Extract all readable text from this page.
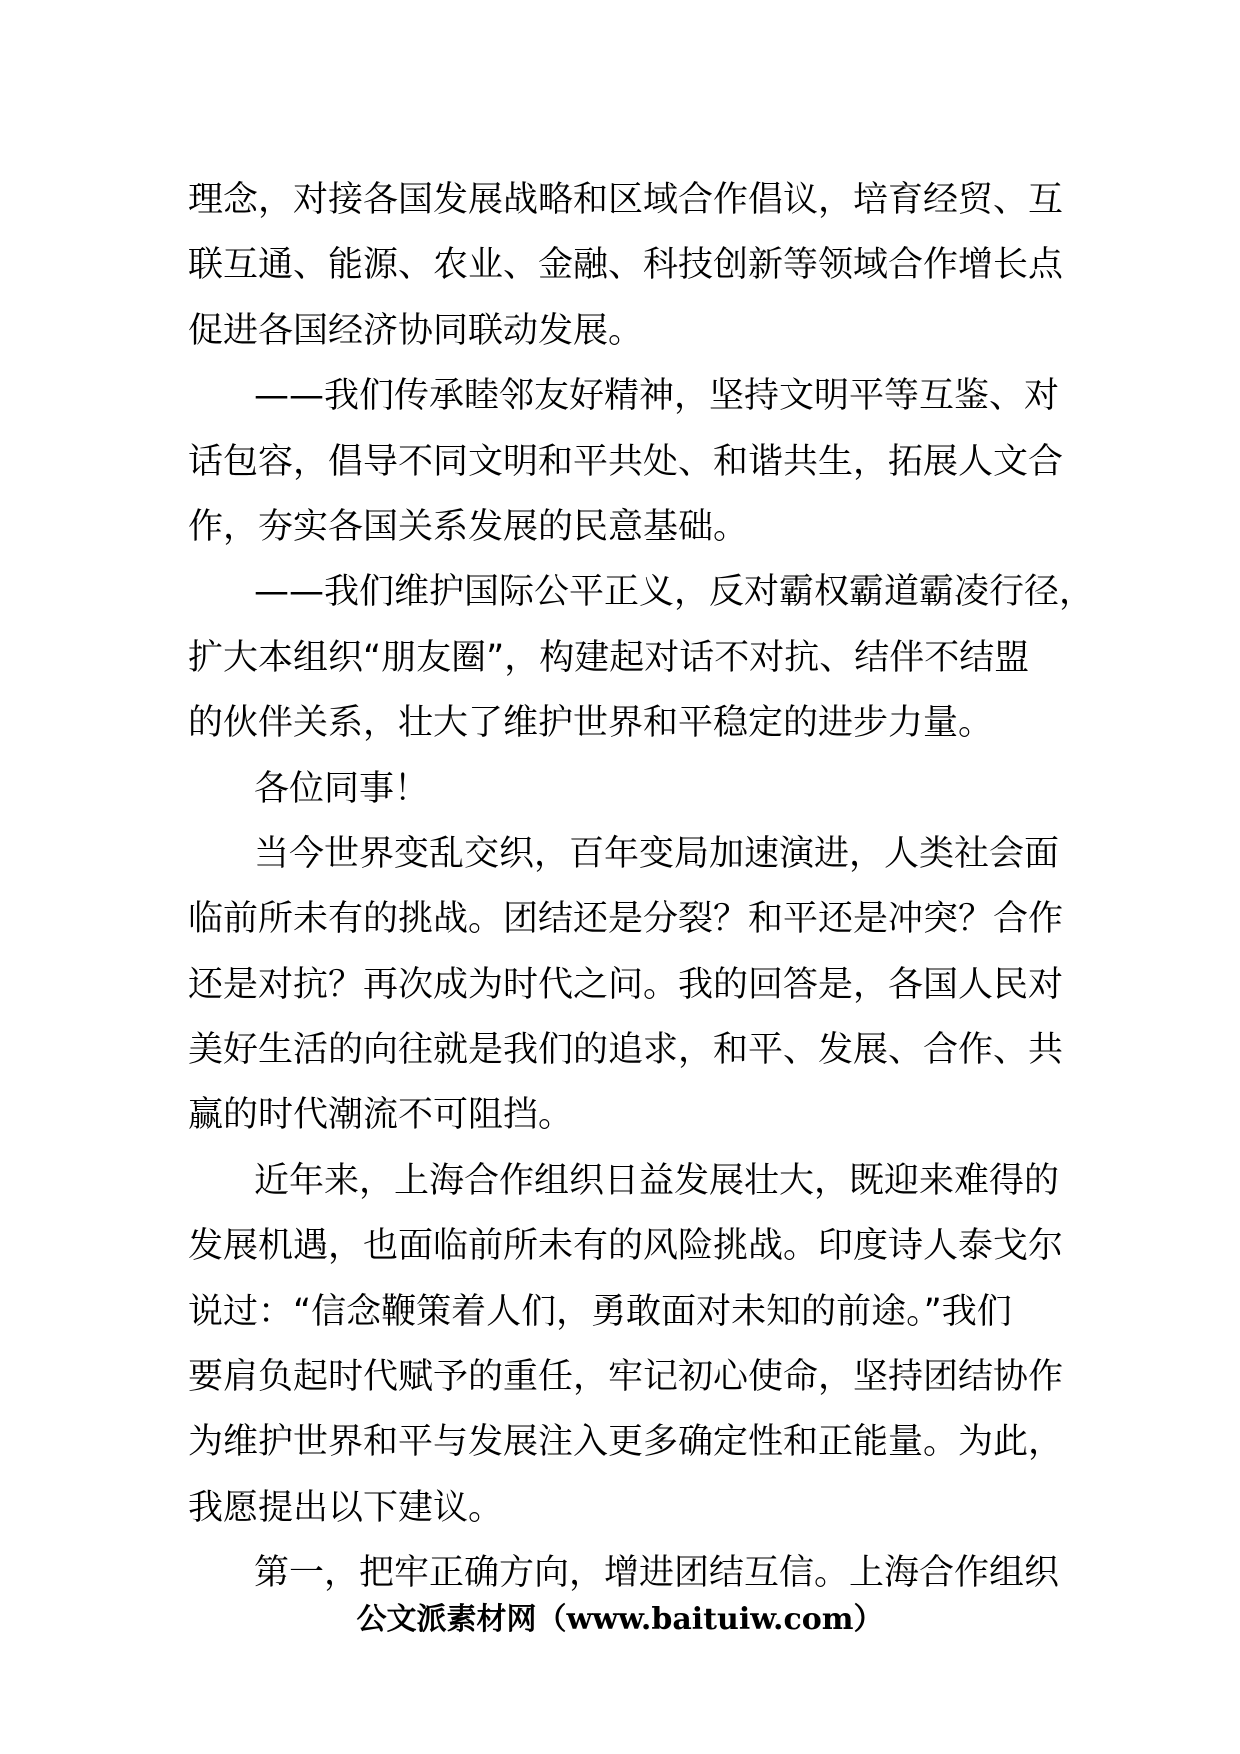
理念，对接各国发展战略和区域合作倡议，培育经贸、互
联互通、能源、农业、金融、科技创新等领域合作增长点
促进各国经济协同联动发展。
——我们传承睦邻友好精神，坚持文明平等互鉴、对
话包容，倡导不同文明和平共处、和谐共生，拓展人文合
作，夯实各国关系发展的民意基础。
——我们维护国际公平正义，反对霸权霸道霸凌行径，
扩大本组织“朋友圈”，构建起对话不对抗、结伴不结盟
的伙伴关系，壮大了维护世界和平稳定的进步力量。
各位同事！
当今世界变乱交织，百年变局加速演进，人类社会面
临前所未有的挑战。团结还是分裂？和平还是冲突？合作
还是对抗？再次成为时代之问。我的回答是，各国人民对
美好生活的向往就是我们的追求，和平、发展、合作、共
赢的时代潮流不可阻挡。
近年来，上海合作组织日益发展壮大，既迎来难得的
发展机遇，也面临前所未有的风险挑战。印度诗人泰戈尔
说过：“信念鞭策着人们，勇敢面对未知的前途。”我们
要肩负起时代赋予的重任，牢记初心使命，坚持团结协作
为维护世界和平与发展注入更多确定性和正能量。为此，
我愿提出以下建议。
第一，把牢正确方向，增进团结互信。上海合作组织
公文派素材网（www.baituiw.com）
